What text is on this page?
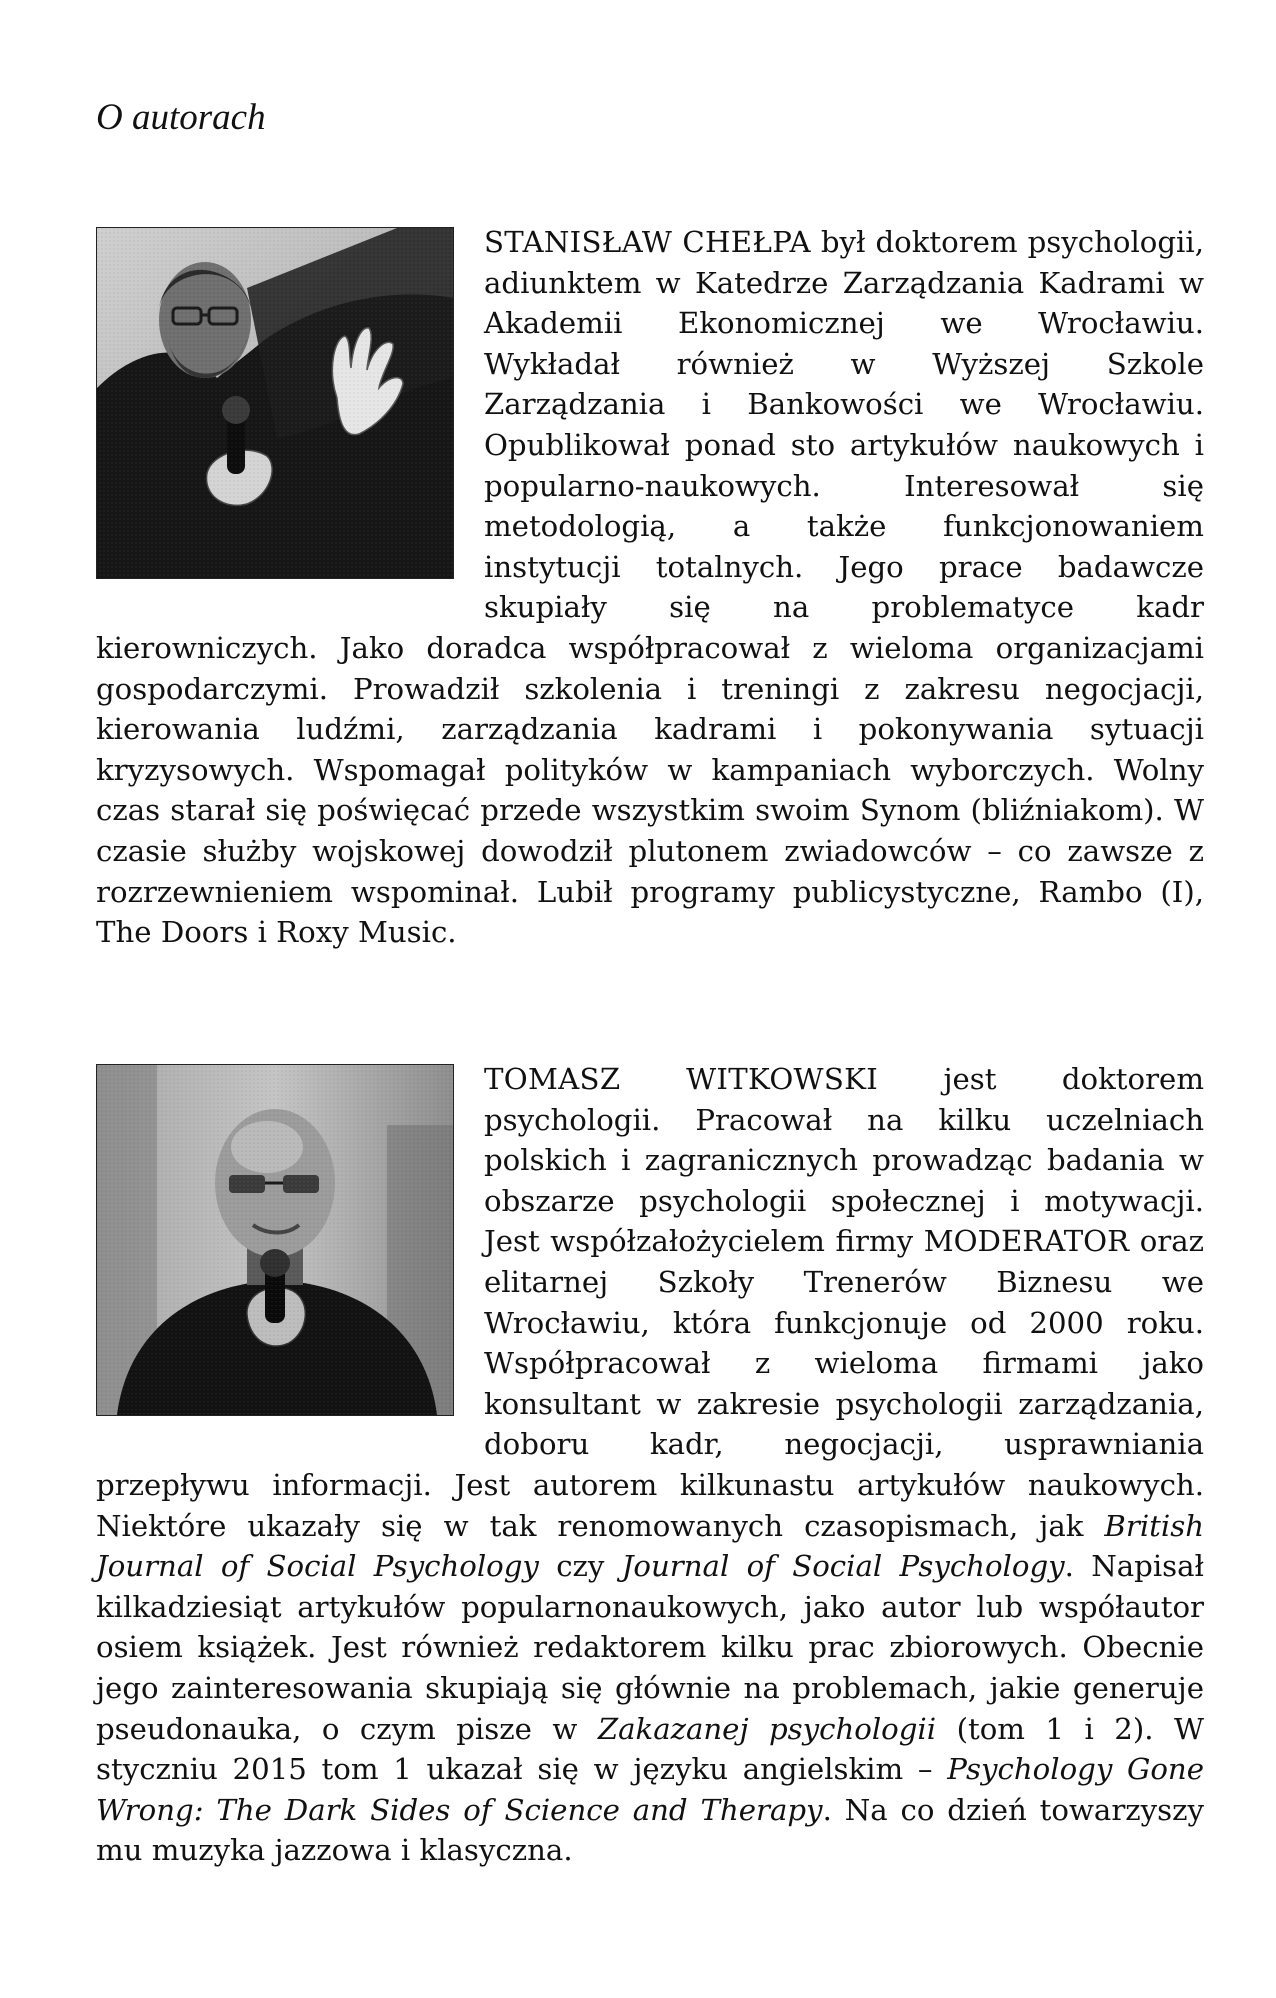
O autorach
STANISŁAW CHEŁPA był doktorem psychologii, adiunktem w Katedrze Zarządzania Kadrami w Akademii Ekonomicznej we Wrocławiu. Wykładał również w Wyższej Szkole Zarządzania i Bankowości we Wrocławiu. Opublikował ponad sto artykułów naukowych i popularno-naukowych. Interesował się metodologią, a także funkcjonowaniem instytucji totalnych. Jego prace badawcze skupiały się na problematyce kadr kierowniczych. Jako doradca współpracował z wieloma organizacjami gospodarczymi. Prowadził szkolenia i treningi z zakresu negocjacji, kierowania ludźmi, zarządzania kadrami i pokonywania sytuacji kryzysowych. Wspomagał polityków w kampaniach wyborczych. Wolny czas starał się poświęcać przede wszystkim swoim Synom (bliźniakom). W czasie służby wojskowej dowodził plutonem zwiadowców – co zawsze z rozrzewnieniem wspominał. Lubił programy publicystyczne, Rambo (I), The Doors i Roxy Music.
TOMASZ WITKOWSKI jest doktorem psychologii. Pracował na kilku uczelniach polskich i zagranicznych prowadząc badania w obszarze psychologii społecznej i motywacji. Jest współzałożycielem firmy MODERATOR oraz elitarnej Szkoły Trenerów Biznesu we Wrocławiu, która funkcjonuje od 2000 roku. Współpracował z wieloma firmami jako konsultant w zakresie psychologii zarządzania, doboru kadr, negocjacji, usprawniania przepływu informacji. Jest autorem kilkunastu artykułów naukowych. Niektóre ukazały się w tak renomowanych czasopismach, jak British Journal of Social Psychology czy Journal of Social Psychology. Napisał kilkadziesiąt artykułów popularnonaukowych, jako autor lub współautor osiem książek. Jest również redaktorem kilku prac zbiorowych. Obecnie jego zainteresowania skupiają się głównie na problemach, jakie generuje pseudonauka, o czym pisze w Zakazanej psychologii (tom 1 i 2). W styczniu 2015 tom 1 ukazał się w języku angielskim – Psychology Gone Wrong: The Dark Sides of Science and Therapy. Na co dzień towarzyszy mu muzyka jazzowa i klasyczna.
